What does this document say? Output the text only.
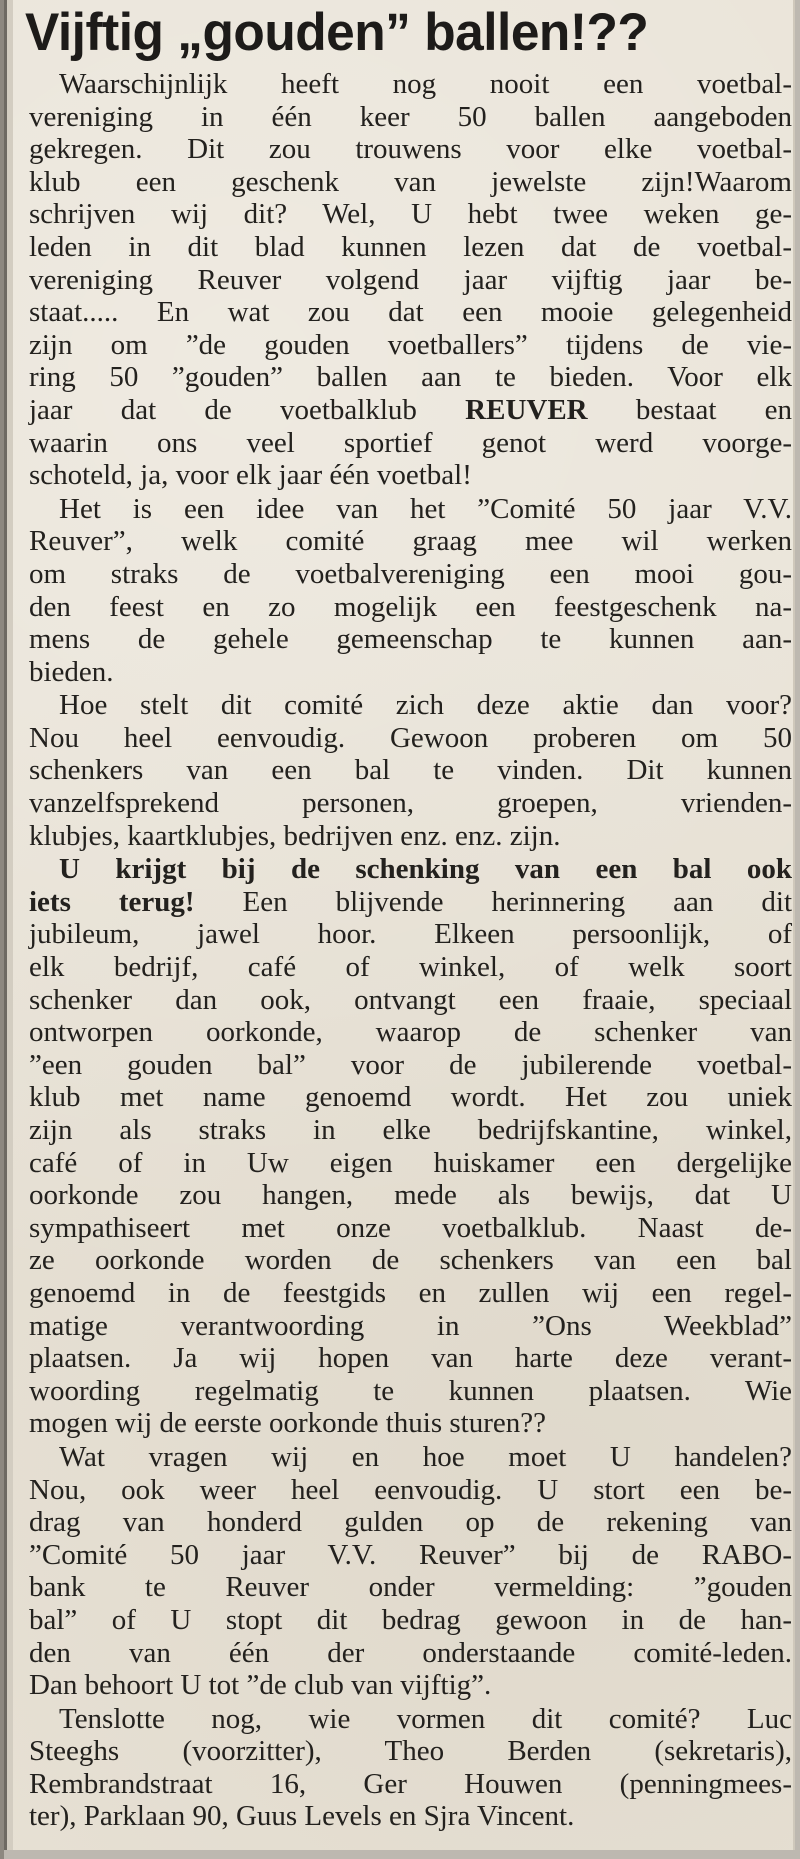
Vijftig „gouden” ballen!??
Waarschijnlijk heeft nog nooit een voetbal-
vereniging in één keer 50 ballen aangeboden
gekregen. Dit zou trouwens voor elke voetbal-
klub een geschenk van jewelste zijn!Waarom
schrijven wij dit? Wel, U hebt twee weken ge-
leden in dit blad kunnen lezen dat de voetbal-
vereniging Reuver volgend jaar vijftig jaar be-
staat..... En wat zou dat een mooie gelegenheid
zijn om ”de gouden voetballers” tijdens de vie-
ring 50 ”gouden” ballen aan te bieden. Voor elk
jaar dat de voetbalklub REUVER bestaat en
waarin ons veel sportief genot werd voorge-
schoteld, ja, voor elk jaar één voetbal!
Het is een idee van het ”Comité 50 jaar V.V.
Reuver”, welk comité graag mee wil werken
om straks de voetbalvereniging een mooi gou-
den feest en zo mogelijk een feestgeschenk na-
mens de gehele gemeenschap te kunnen aan-
bieden.
Hoe stelt dit comité zich deze aktie dan voor?
Nou heel eenvoudig. Gewoon proberen om 50
schenkers van een bal te vinden. Dit kunnen
vanzelfsprekend personen, groepen, vrienden-
klubjes, kaartklubjes, bedrijven enz. enz. zijn.
U krijgt bij de schenking van een bal ook
iets terug! Een blijvende herinnering aan dit
jubileum, jawel hoor. Elkeen persoonlijk, of
elk bedrijf, café of winkel, of welk soort
schenker dan ook, ontvangt een fraaie, speciaal
ontworpen oorkonde, waarop de schenker van
”een gouden bal” voor de jubilerende voetbal-
klub met name genoemd wordt. Het zou uniek
zijn als straks in elke bedrijfskantine, winkel,
café of in Uw eigen huiskamer een dergelijke
oorkonde zou hangen, mede als bewijs, dat U
sympathiseert met onze voetbalklub. Naast de-
ze oorkonde worden de schenkers van een bal
genoemd in de feestgids en zullen wij een regel-
matige verantwoording in ”Ons Weekblad”
plaatsen. Ja wij hopen van harte deze verant-
woording regelmatig te kunnen plaatsen. Wie
mogen wij de eerste oorkonde thuis sturen??
Wat vragen wij en hoe moet U handelen?
Nou, ook weer heel eenvoudig. U stort een be-
drag van honderd gulden op de rekening van
”Comité 50 jaar V.V. Reuver” bij de RABO-
bank te Reuver onder vermelding: ”gouden
bal” of U stopt dit bedrag gewoon in de han-
den van één der onderstaande comité-leden.
Dan behoort U tot ”de club van vijftig”.
Tenslotte nog, wie vormen dit comité? Luc
Steeghs (voorzitter), Theo Berden (sekretaris),
Rembrandstraat 16, Ger Houwen (penningmees-
ter), Parklaan 90, Guus Levels en Sjra Vincent.
